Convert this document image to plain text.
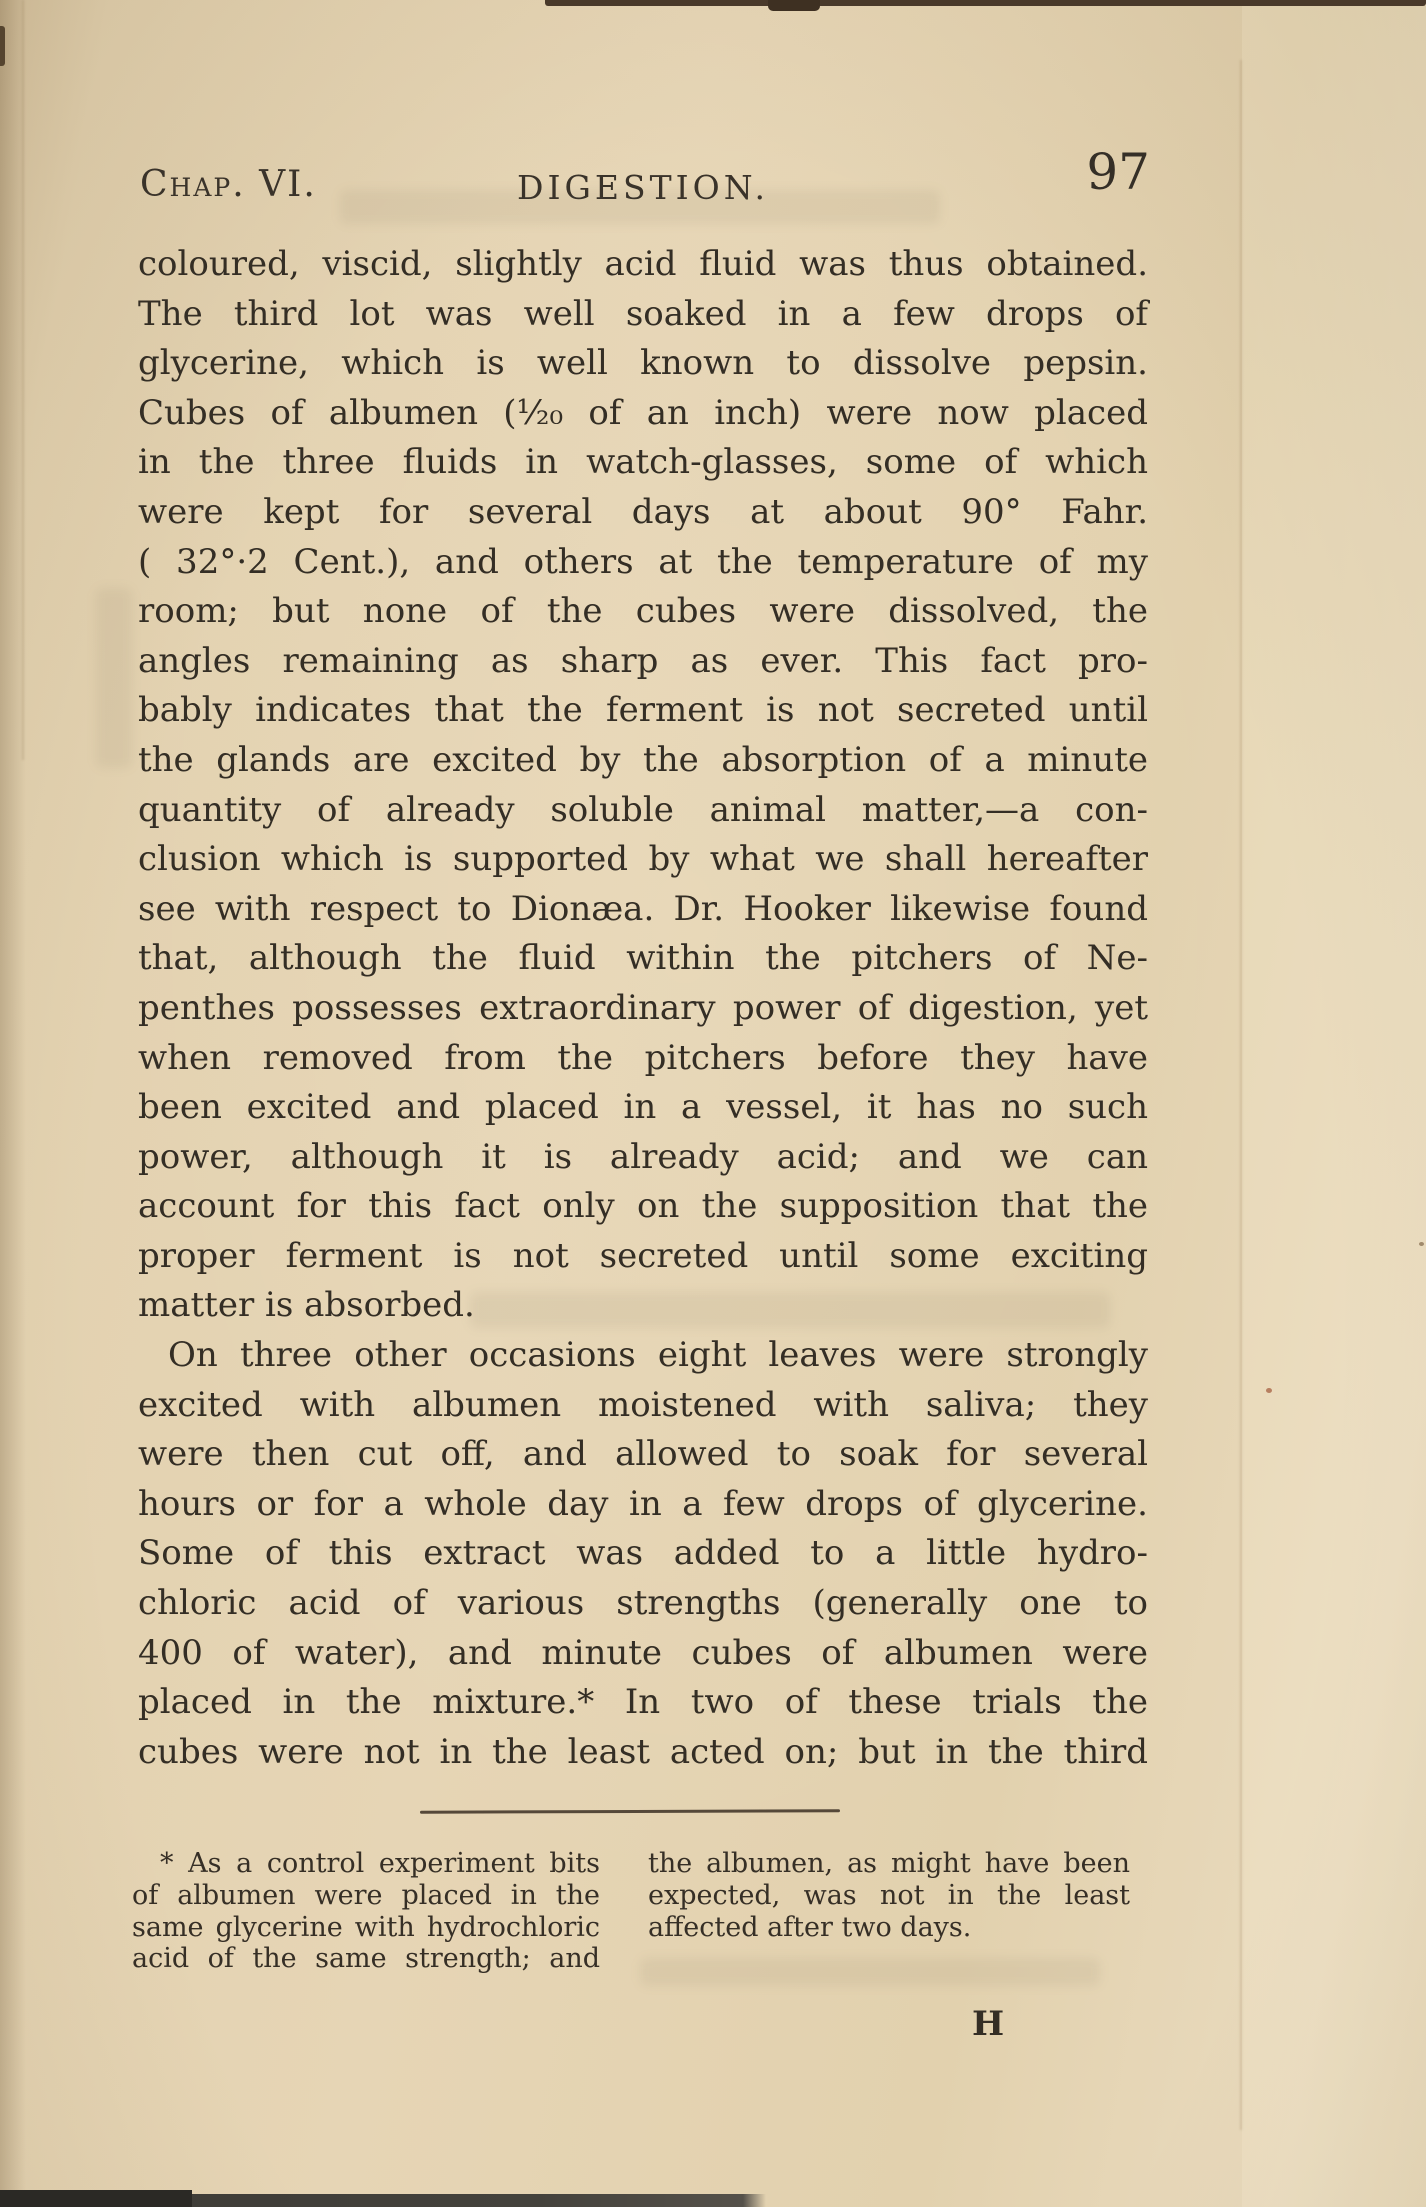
Chap. VI.	DIGESTION.	97
coloured, viscid, slightly acid fluid was thus obtained.
The third lot was well soaked in a few drops of
glycerine, which is well known to dissolve pepsin.
Cubes of albumen (¹⁄₂₀ of an inch) were now placed
in the three fluids in watch-glasses, some of which
were kept for several days at about 90° Fahr.
( 32°·2 Cent.), and others at the temperature of my
room; but none of the cubes were dissolved, the
angles remaining as sharp as ever. This fact pro-
bably indicates that the ferment is not secreted until
the glands are excited by the absorption of a minute
quantity of already soluble animal matter,—a con-
clusion which is supported by what we shall hereafter
see with respect to Dionæa. Dr. Hooker likewise found
that, although the fluid within the pitchers of Ne-
penthes possesses extraordinary power of digestion, yet
when removed from the pitchers before they have
been excited and placed in a vessel, it has no such
power, although it is already acid; and we can
account for this fact only on the supposition that the
proper ferment is not secreted until some exciting
matter is absorbed.
On three other occasions eight leaves were strongly
excited with albumen moistened with saliva; they
were then cut off, and allowed to soak for several
hours or for a whole day in a few drops of glycerine.
Some of this extract was added to a little hydro-
chloric acid of various strengths (generally one to
400 of water), and minute cubes of albumen were
placed in the mixture.* In two of these trials the
cubes were not in the least acted on; but in the third
* As a control experiment bits
of albumen were placed in the
same glycerine with hydrochloric
acid of the same strength; and
the albumen, as might have been
expected, was not in the least
affected after two days.
H
